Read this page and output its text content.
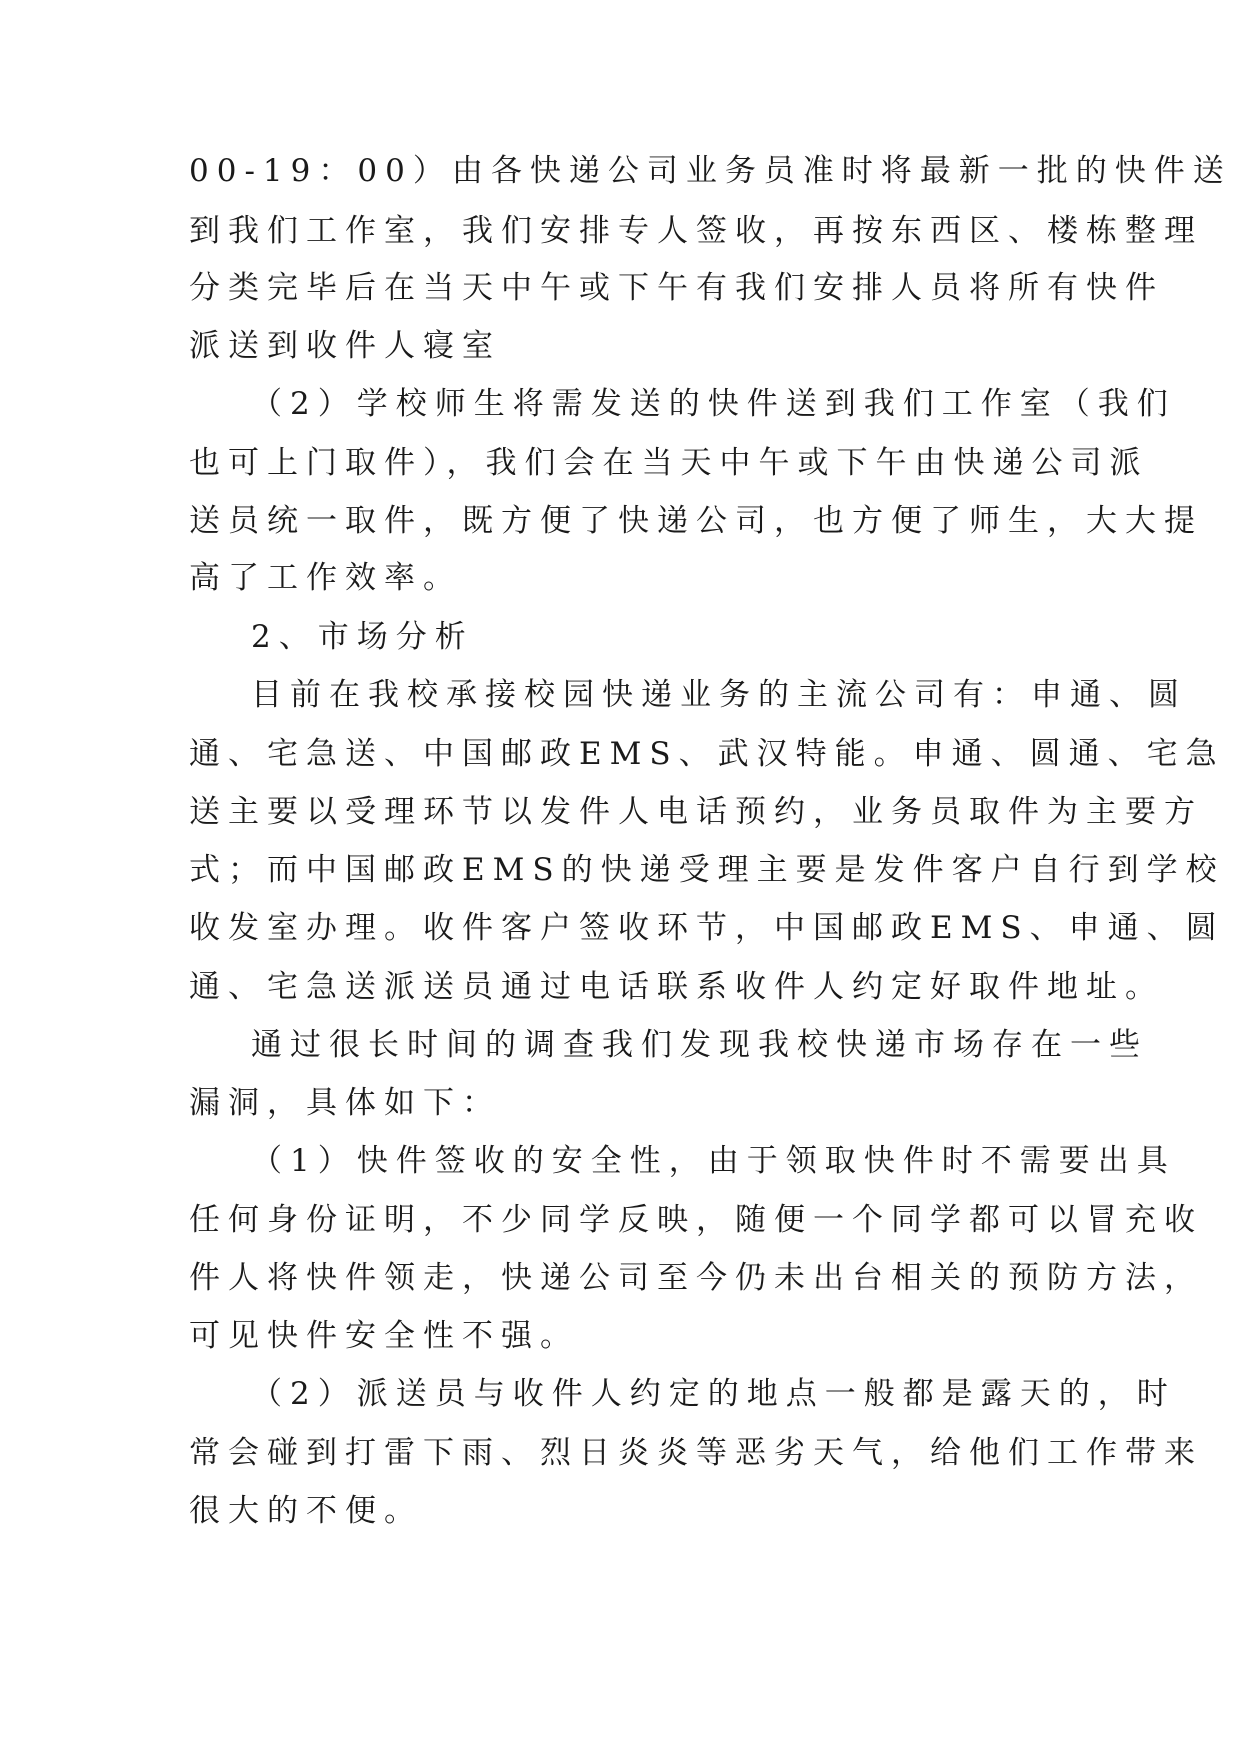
00-19：00）由各快递公司业务员准时将最新一批的快件送
到我们工作室，我们安排专人签收，再按东西区、楼栋整理
分类完毕后在当天中午或下午有我们安排人员将所有快件
派送到收件人寝室
（2）学校师生将需发送的快件送到我们工作室（我们
也可上门取件），我们会在当天中午或下午由快递公司派
送员统一取件，既方便了快递公司，也方便了师生，大大提
高了工作效率。
2、市场分析
目前在我校承接校园快递业务的主流公司有：申通、圆
通、宅急送、中国邮政EMS、武汉特能。申通、圆通、宅急
送主要以受理环节以发件人电话预约，业务员取件为主要方
式；而中国邮政EMS的快递受理主要是发件客户自行到学校
收发室办理。收件客户签收环节，中国邮政EMS、申通、圆
通、宅急送派送员通过电话联系收件人约定好取件地址。
通过很长时间的调查我们发现我校快递市场存在一些
漏洞，具体如下：
（1）快件签收的安全性，由于领取快件时不需要出具
任何身份证明，不少同学反映，随便一个同学都可以冒充收
件人将快件领走，快递公司至今仍未出台相关的预防方法，
可见快件安全性不强。
（2）派送员与收件人约定的地点一般都是露天的，时
常会碰到打雷下雨、烈日炎炎等恶劣天气，给他们工作带来
很大的不便。
